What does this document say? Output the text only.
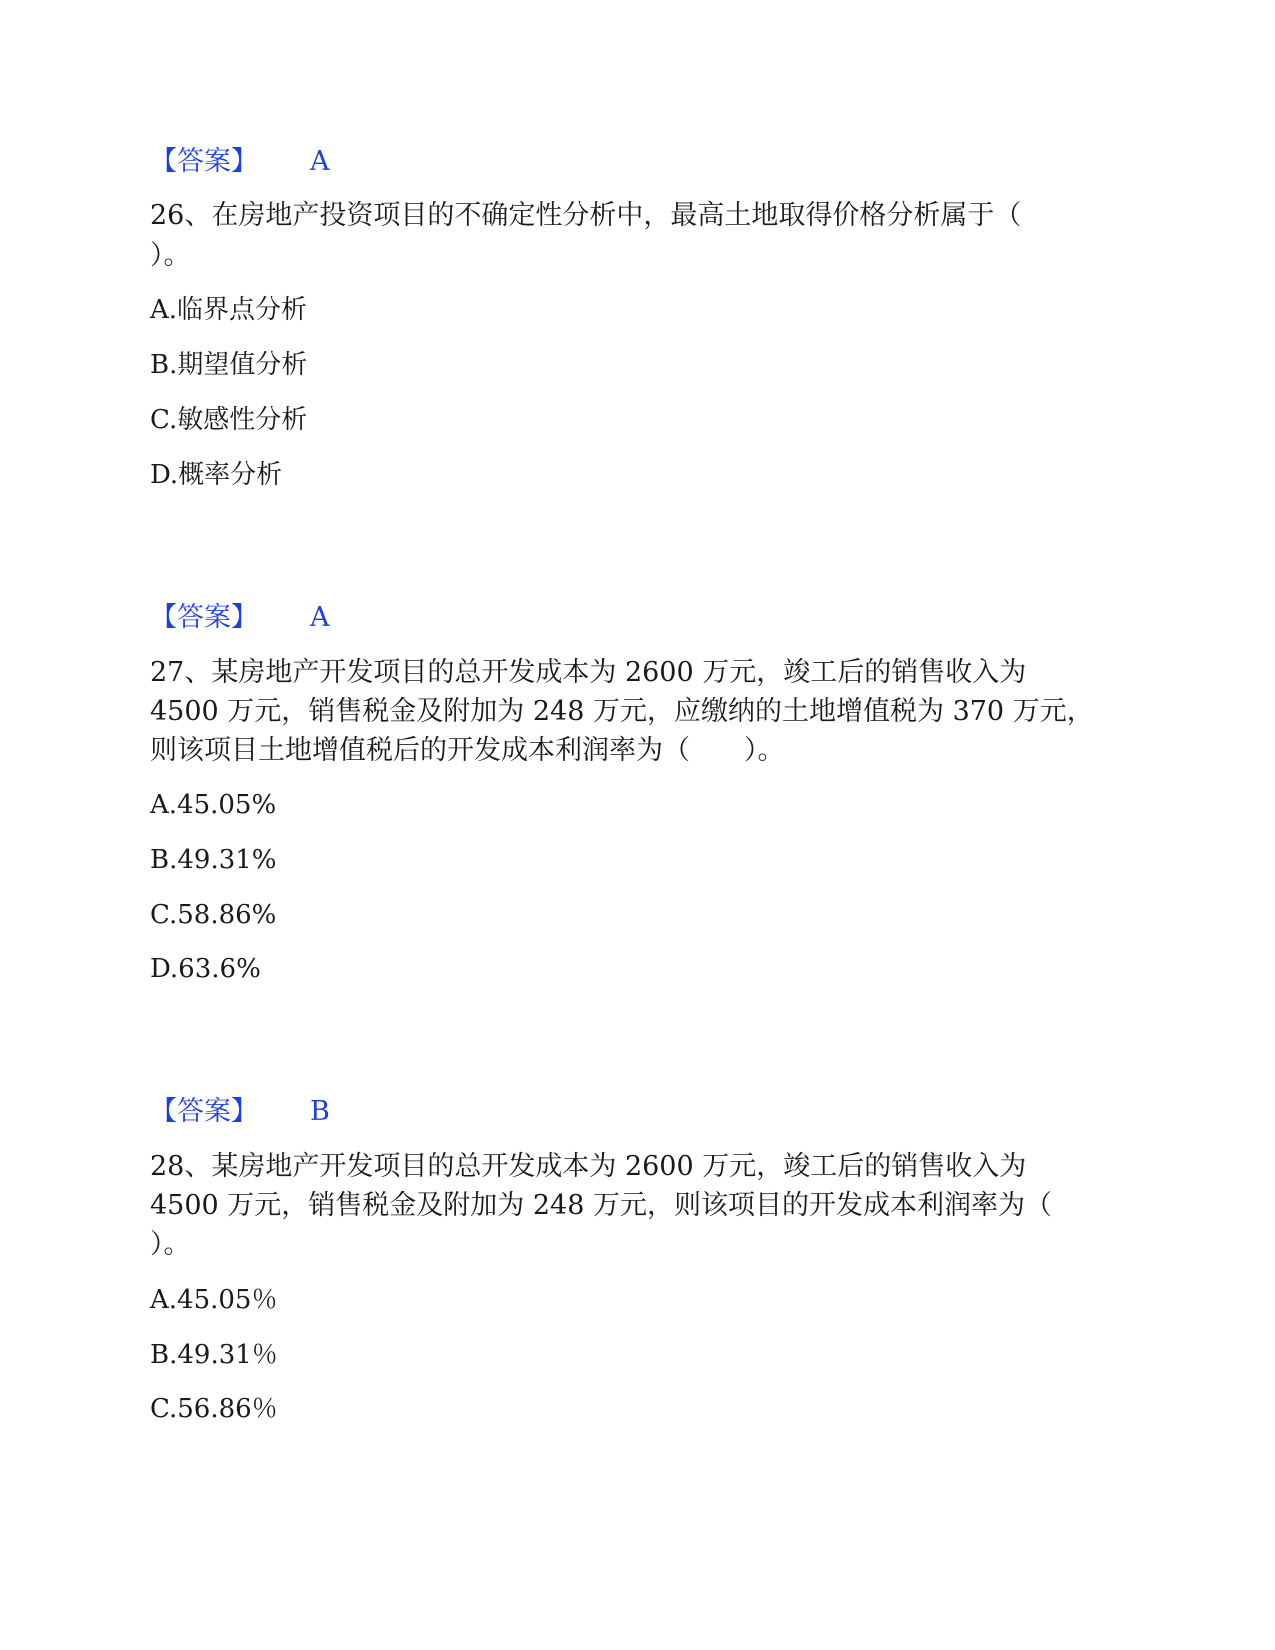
【答案】 A
26、在房地产投资项目的不确定性分析中，最高土地取得价格分析属于（
）。
A.临界点分析
B.期望值分析
C.敏感性分析
D.概率分析
【答案】 A
27、某房地产开发项目的总开发成本为 2600 万元，竣工后的销售收入为
4500 万元，销售税金及附加为 248 万元，应缴纳的土地增值税为 370 万元，
则该项目土地增值税后的开发成本利润率为（　　）。
A.45.05%
B.49.31%
C.58.86%
D.63.6%
【答案】 B
28、某房地产开发项目的总开发成本为 2600 万元，竣工后的销售收入为
4500 万元，销售税金及附加为 248 万元，则该项目的开发成本利润率为（
）。
A.45.05％
B.49.31％
C.56.86％
